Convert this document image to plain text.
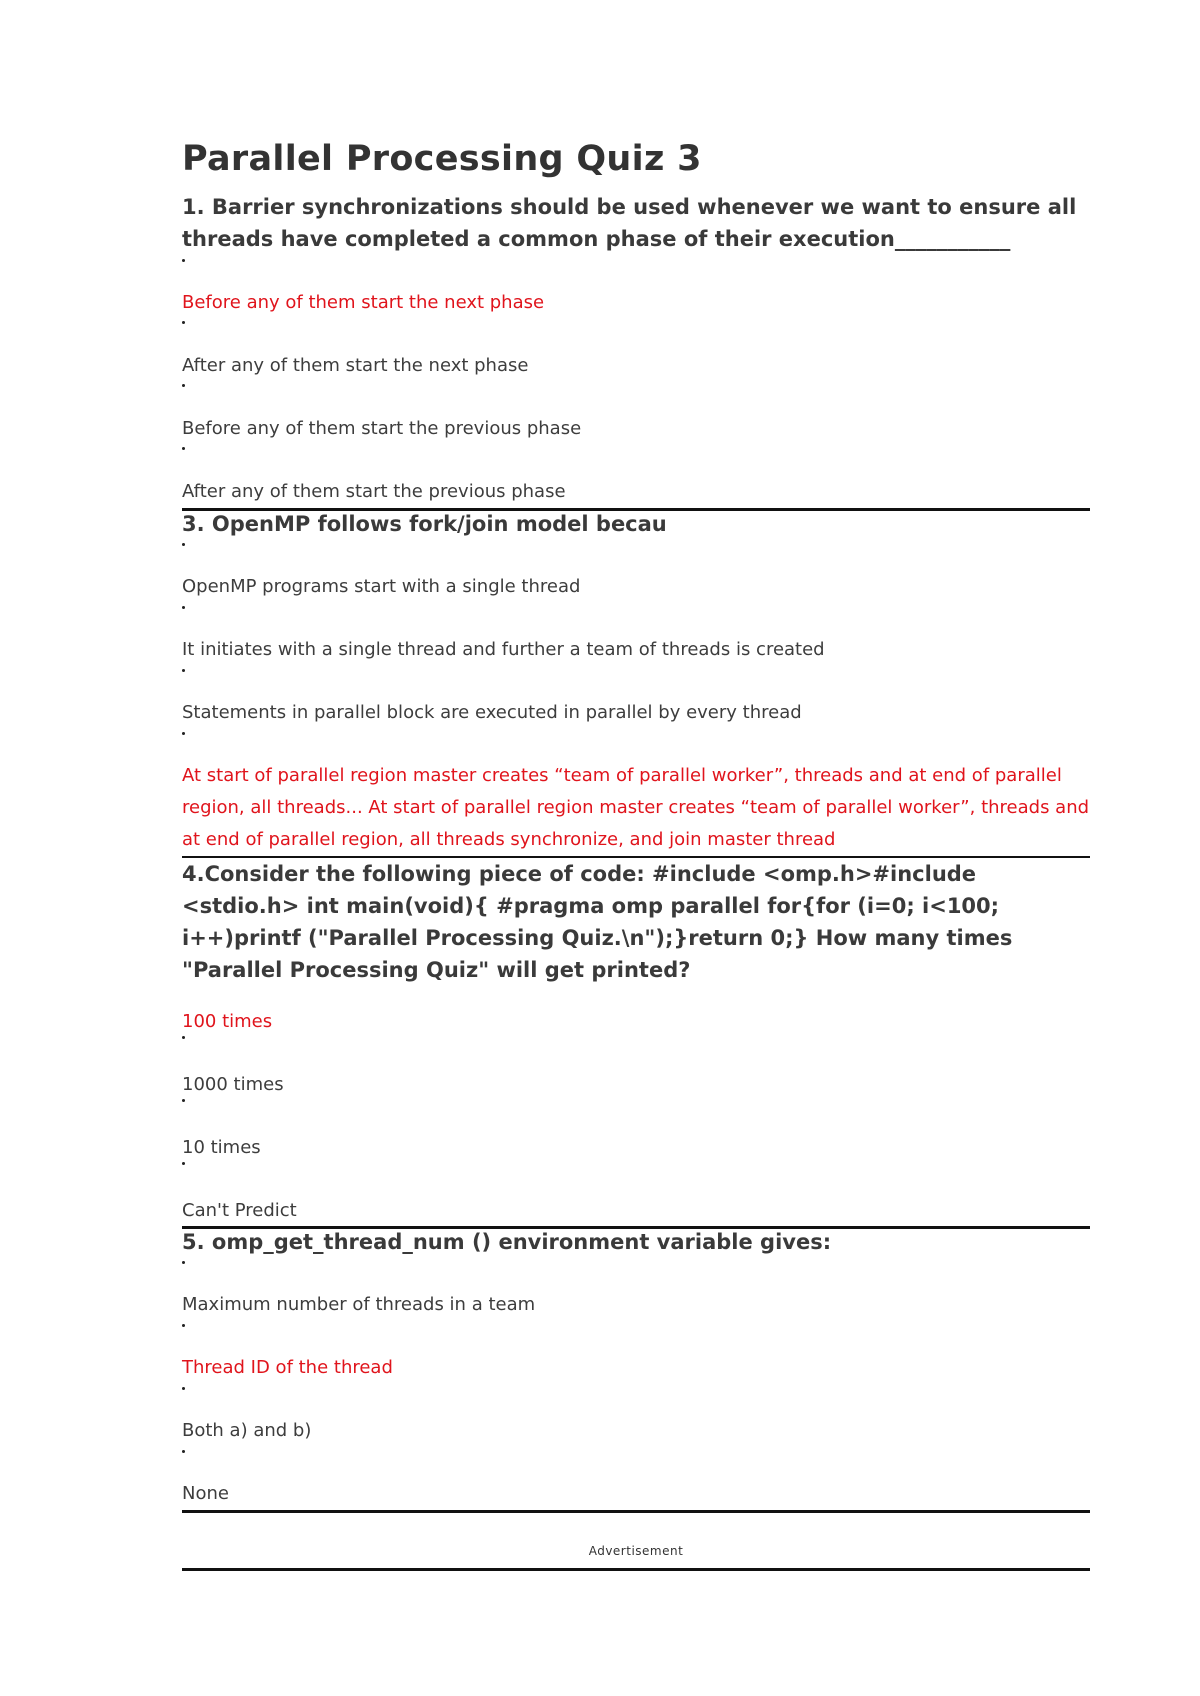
Parallel Processing Quiz 3

1. Barrier synchronizations should be used whenever we want to ensure all threads have completed a common phase of their execution___________

Before any of them start the next phase

After any of them start the next phase

Before any of them start the previous phase

After any of them start the previous phase

3. OpenMP follows fork/join model becau

OpenMP programs start with a single thread

It initiates with a single thread and further a team of threads is created

Statements in parallel block are executed in parallel by every thread

At start of parallel region master creates “team of parallel worker”, threads and at end of parallel region, all threads... At start of parallel region master creates “team of parallel worker”, threads and at end of parallel region, all threads synchronize, and join master thread

4.Consider the following piece of code: #include <omp.h>#include <stdio.h> int main(void){ #pragma omp parallel for{for (i=0; i<100; i++)printf ("Parallel Processing Quiz.\n");}return 0;} How many times "Parallel Processing Quiz" will get printed?

100 times

1000 times

10 times

Can't Predict

5. omp_get_thread_num () environment variable gives:

Maximum number of threads in a team

Thread ID of the thread

Both a) and b)

None

Advertisement
